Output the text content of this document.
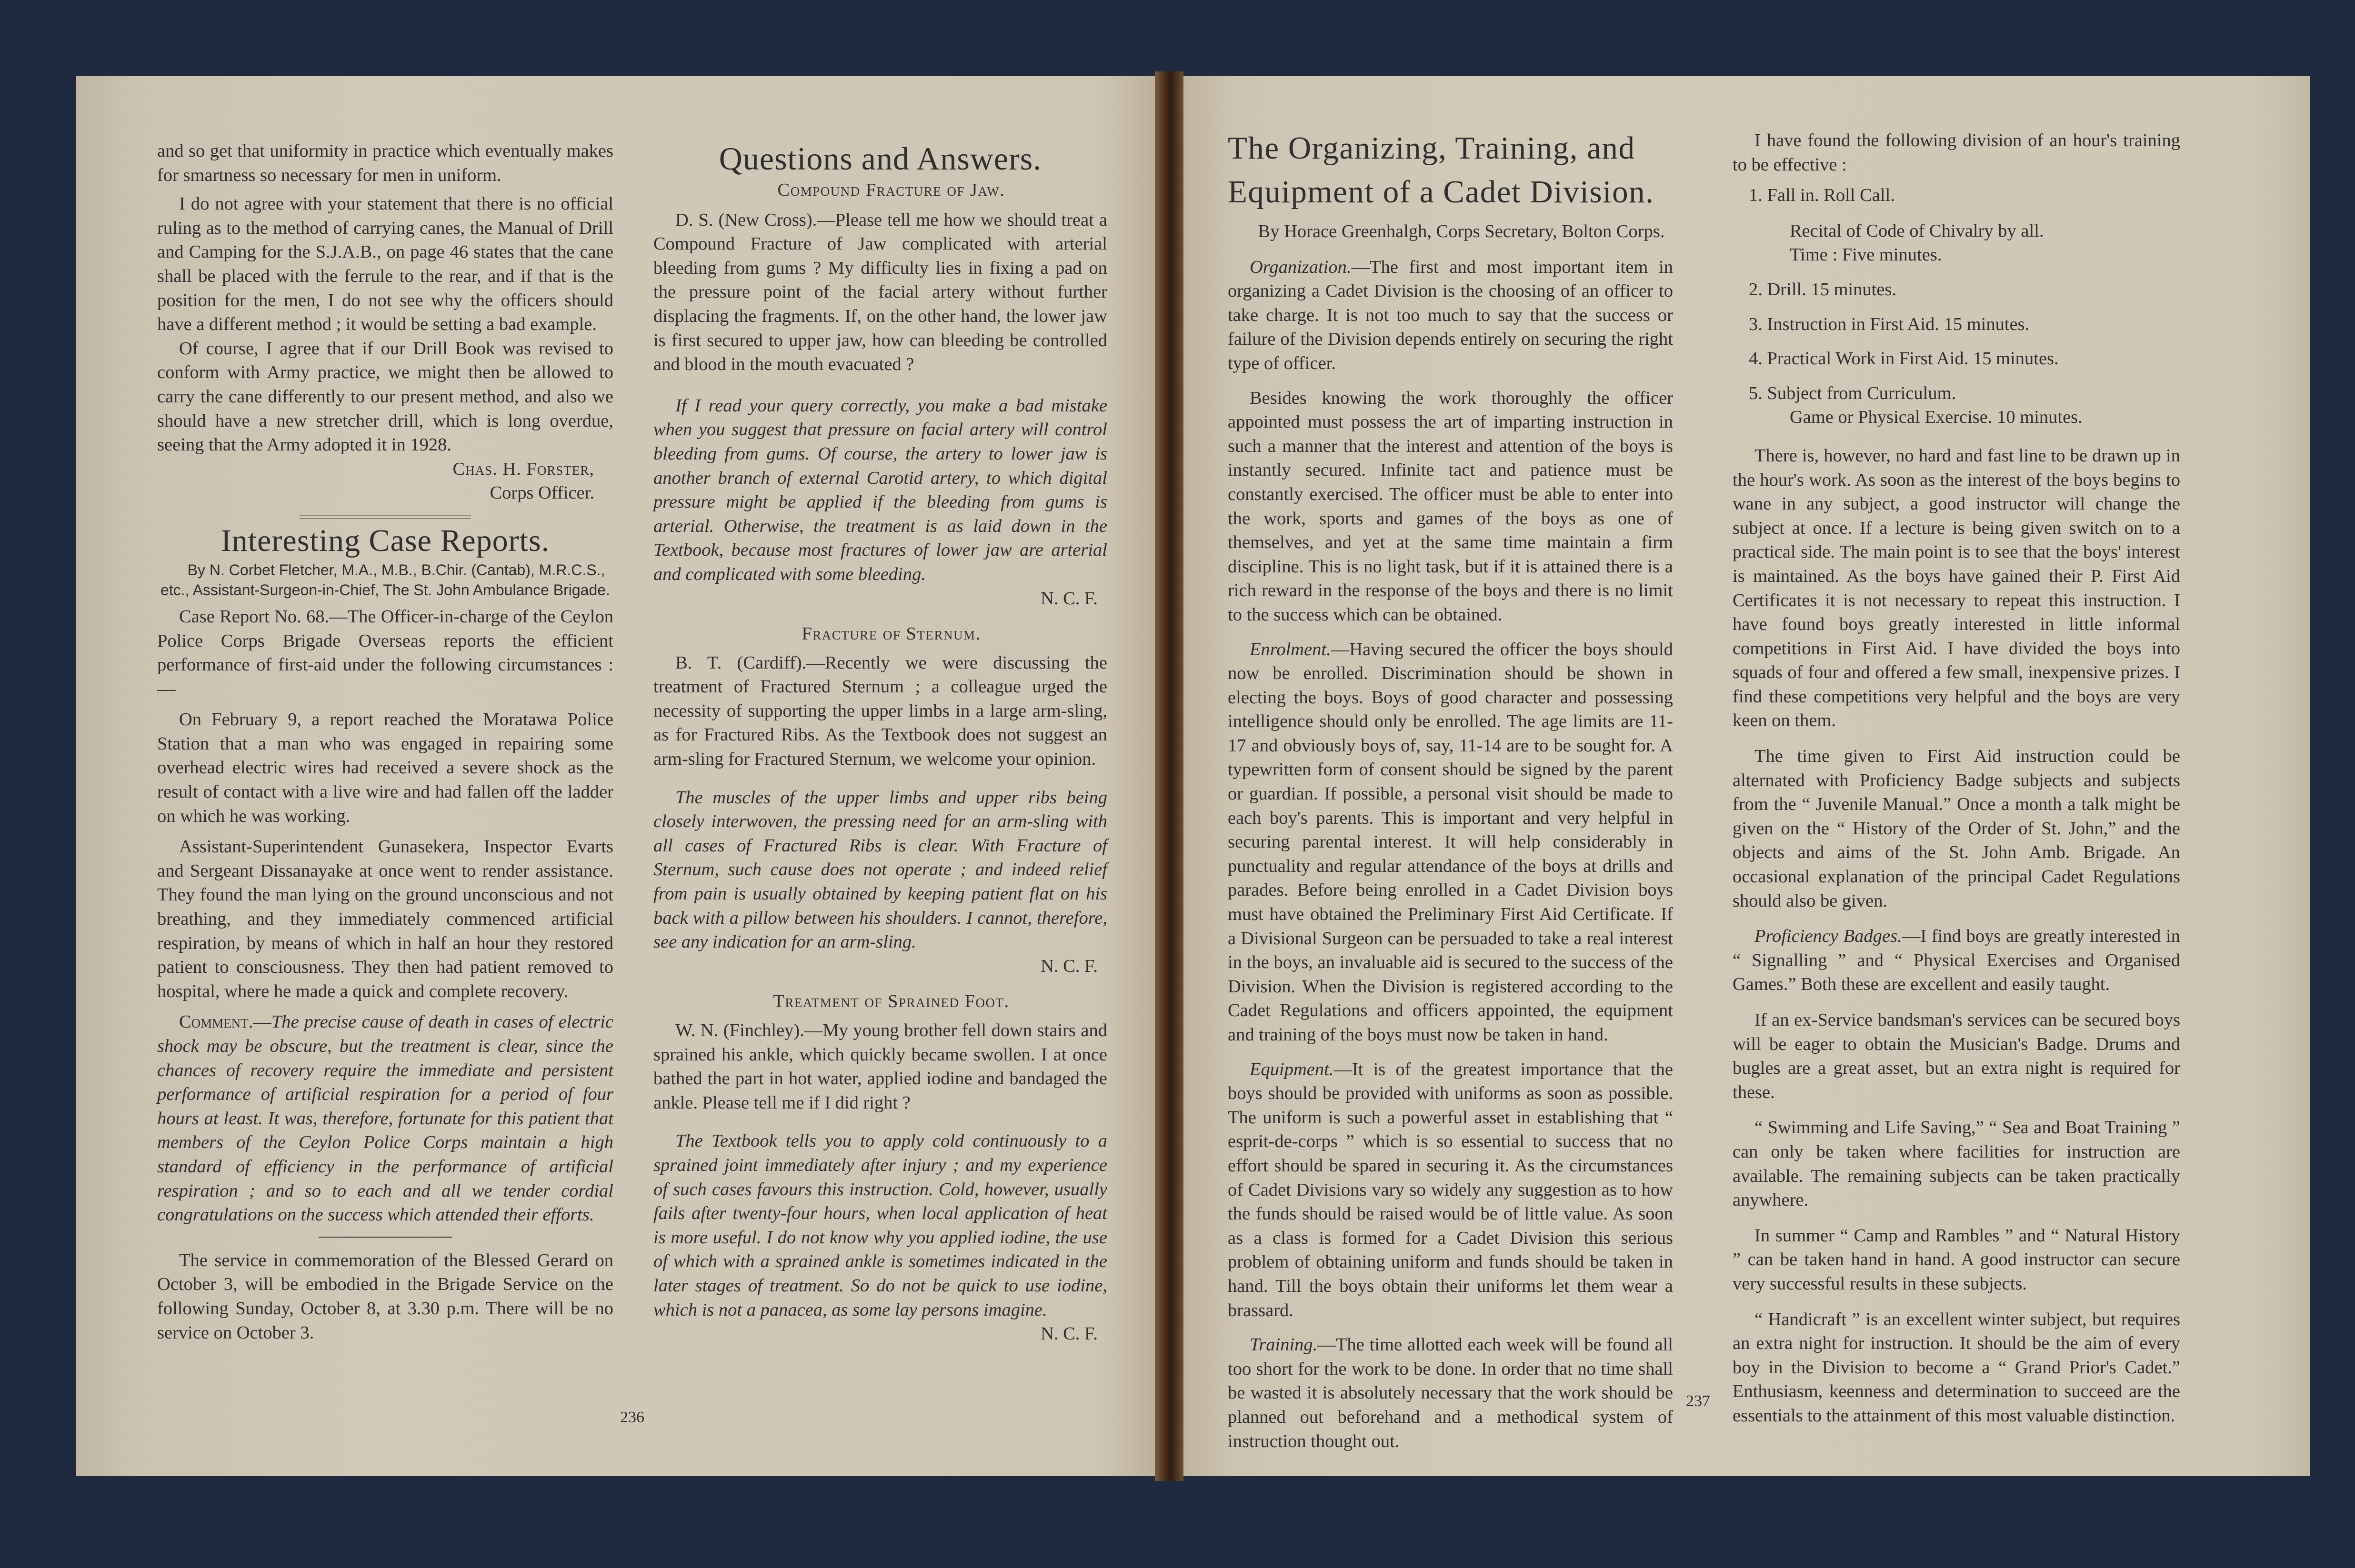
and so get that uniformity in practice which eventually makes for smartness so necessary for men in uniform.

I do not agree with your statement that there is no official ruling as to the method of carrying canes, the Manual of Drill and Camping for the S.J.A.B., on page 46 states that the cane shall be placed with the ferrule to the rear, and if that is the position for the men, I do not see why the officers should have a different method ; it would be setting a bad example.

Of course, I agree that if our Drill Book was revised to conform with Army practice, we might then be allowed to carry the cane differently to our present method, and also we should have a new stretcher drill, which is long overdue, seeing that the Army adopted it in 1928.

Chas. H. Forster,

Corps Officer.

Interesting Case Reports.

By N. Corbet Fletcher, M.A., M.B., B.Chir. (Cantab), M.R.C.S., etc., Assistant-Surgeon-in-Chief, The St. John Ambulance Brigade.

Case Report No. 68.—The Officer-in-charge of the Ceylon Police Corps Brigade Overseas reports the efficient performance of first-aid under the following circumstances :—

On February 9, a report reached the Moratawa Police Station that a man who was engaged in repairing some overhead electric wires had received a severe shock as the result of contact with a live wire and had fallen off the ladder on which he was working.

Assistant-Superintendent Gunasekera, Inspector Evarts and Sergeant Dissanayake at once went to render assistance. They found the man lying on the ground unconscious and not breathing, and they immediately commenced artificial respiration, by means of which in half an hour they restored patient to consciousness. They then had patient removed to hospital, where he made a quick and complete recovery.

Comment.—The precise cause of death in cases of electric shock may be obscure, but the treatment is clear, since the chances of recovery require the immediate and persistent performance of artificial respiration for a period of four hours at least. It was, therefore, fortunate for this patient that members of the Ceylon Police Corps maintain a high standard of efficiency in the performance of artificial respiration ; and so to each and all we tender cordial congratulations on the success which attended their efforts.

The service in commemoration of the Blessed Gerard on October 3, will be embodied in the Brigade Service on the following Sunday, October 8, at 3.30 p.m. There will be no service on October 3.

Questions and Answers.

Compound Fracture of Jaw.

D. S. (New Cross).—Please tell me how we should treat a Compound Fracture of Jaw complicated with arterial bleeding from gums ? My difficulty lies in fixing a pad on the pressure point of the facial artery without further displacing the fragments. If, on the other hand, the lower jaw is first secured to upper jaw, how can bleeding be controlled and blood in the mouth evacuated ?

If I read your query correctly, you make a bad mistake when you suggest that pressure on facial artery will control bleeding from gums. Of course, the artery to lower jaw is another branch of external Carotid artery, to which digital pressure might be applied if the bleeding from gums is arterial. Otherwise, the treatment is as laid down in the Textbook, because most fractures of lower jaw are arterial and complicated with some bleeding.

N. C. F.

Fracture of Sternum.

B. T. (Cardiff).—Recently we were discussing the treatment of Fractured Sternum ; a colleague urged the necessity of supporting the upper limbs in a large arm-sling, as for Fractured Ribs. As the Textbook does not suggest an arm-sling for Fractured Sternum, we welcome your opinion.

The muscles of the upper limbs and upper ribs being closely interwoven, the pressing need for an arm-sling with all cases of Fractured Ribs is clear. With Fracture of Sternum, such cause does not operate ; and indeed relief from pain is usually obtained by keeping patient flat on his back with a pillow between his shoulders. I cannot, therefore, see any indication for an arm-sling.

N. C. F.

Treatment of Sprained Foot.

W. N. (Finchley).—My young brother fell down stairs and sprained his ankle, which quickly became swollen. I at once bathed the part in hot water, applied iodine and bandaged the ankle. Please tell me if I did right ?

The Textbook tells you to apply cold continuously to a sprained joint immediately after injury ; and my experience of such cases favours this instruction. Cold, however, usually fails after twenty-four hours, when local application of heat is more useful. I do not know why you applied iodine, the use of which with a sprained ankle is sometimes indicated in the later stages of treatment. So do not be quick to use iodine, which is not a panacea, as some lay persons imagine.

N. C. F.

236
The Organizing, Training, and Equipment of a Cadet Division.

By Horace Greenhalgh, Corps Secretary, Bolton Corps.

Organization.—The first and most important item in organizing a Cadet Division is the choosing of an officer to take charge. It is not too much to say that the success or failure of the Division depends entirely on securing the right type of officer.

Besides knowing the work thoroughly the officer appointed must possess the art of imparting instruction in such a manner that the interest and attention of the boys is instantly secured. Infinite tact and patience must be constantly exercised. The officer must be able to enter into the work, sports and games of the boys as one of themselves, and yet at the same time maintain a firm discipline. This is no light task, but if it is attained there is a rich reward in the response of the boys and there is no limit to the success which can be obtained.

Enrolment.—Having secured the officer the boys should now be enrolled. Discrimination should be shown in electing the boys. Boys of good character and possessing intelligence should only be enrolled. The age limits are 11-17 and obviously boys of, say, 11-14 are to be sought for. A typewritten form of consent should be signed by the parent or guardian. If possible, a personal visit should be made to each boy's parents. This is important and very helpful in securing parental interest. It will help considerably in punctuality and regular attendance of the boys at drills and parades. Before being enrolled in a Cadet Division boys must have obtained the Preliminary First Aid Certificate. If a Divisional Surgeon can be persuaded to take a real interest in the boys, an invaluable aid is secured to the success of the Division. When the Division is registered according to the Cadet Regulations and officers appointed, the equipment and training of the boys must now be taken in hand.

Equipment.—It is of the greatest importance that the boys should be provided with uniforms as soon as possible. The uniform is such a powerful asset in establishing that “ esprit-de-corps ” which is so essential to success that no effort should be spared in securing it. As the circumstances of Cadet Divisions vary so widely any suggestion as to how the funds should be raised would be of little value. As soon as a class is formed for a Cadet Division this serious problem of obtaining uniform and funds should be taken in hand. Till the boys obtain their uniforms let them wear a brassard.

Training.—The time allotted each week will be found all too short for the work to be done. In order that no time shall be wasted it is absolutely necessary that the work should be planned out beforehand and a methodical system of instruction thought out.

I have found the following division of an hour's training to be effective :

1. Fall in. Roll Call.

Recital of Code of Chivalry by all.

Time : Five minutes.

2. Drill. 15 minutes.

3. Instruction in First Aid. 15 minutes.

4. Practical Work in First Aid. 15 minutes.

5. Subject from Curriculum.

Game or Physical Exercise. 10 minutes.

There is, however, no hard and fast line to be drawn up in the hour's work. As soon as the interest of the boys begins to wane in any subject, a good instructor will change the subject at once. If a lecture is being given switch on to a practical side. The main point is to see that the boys' interest is maintained. As the boys have gained their P. First Aid Certificates it is not necessary to repeat this instruction. I have found boys greatly interested in little informal competitions in First Aid. I have divided the boys into squads of four and offered a few small, inexpensive prizes. I find these competitions very helpful and the boys are very keen on them.

The time given to First Aid instruction could be alternated with Proficiency Badge subjects and subjects from the “ Juvenile Manual.” Once a month a talk might be given on the “ History of the Order of St. John,” and the objects and aims of the St. John Amb. Brigade. An occasional explanation of the principal Cadet Regulations should also be given.

Proficiency Badges.—I find boys are greatly interested in “ Signalling ” and “ Physical Exercises and Organised Games.” Both these are excellent and easily taught.

If an ex-Service bandsman's services can be secured boys will be eager to obtain the Musician's Badge. Drums and bugles are a great asset, but an extra night is required for these.

“ Swimming and Life Saving,” “ Sea and Boat Training ” can only be taken where facilities for instruction are available. The remaining subjects can be taken practically anywhere.

In summer “ Camp and Rambles ” and “ Natural History ” can be taken hand in hand. A good instructor can secure very successful results in these subjects.

“ Handicraft ” is an excellent winter subject, but requires an extra night for instruction. It should be the aim of every boy in the Division to become a “ Grand Prior's Cadet.” Enthusiasm, keenness and determination to succeed are the essentials to the attainment of this most valuable distinction.

237
